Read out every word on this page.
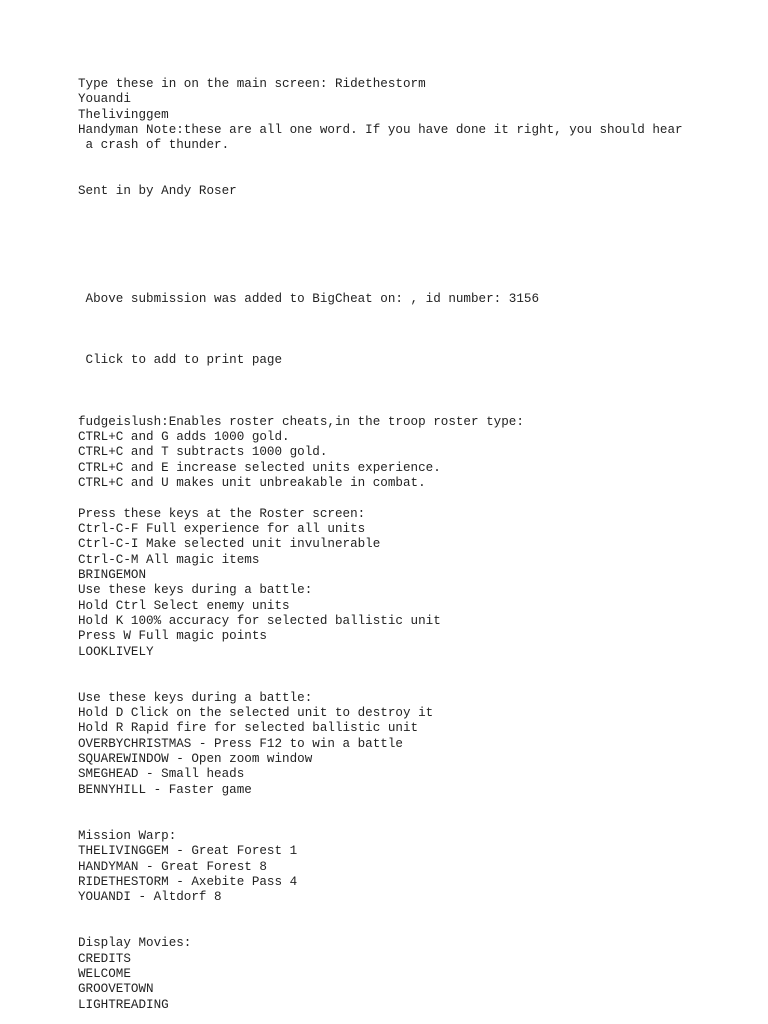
Type these in on the main screen: Ridethestorm
Youandi
Thelivinggem
Handyman Note:these are all one word. If you have done it right, you should hear
a crash of thunder.
Sent in by Andy Roser
Above submission was added to BigCheat on: , id number: 3156
Click to add to print page
fudgeislush:Enables roster cheats,in the troop roster type:
CTRL+C and G adds 1000 gold.
CTRL+C and T subtracts 1000 gold.
CTRL+C and E increase selected units experience.
CTRL+C and U makes unit unbreakable in combat.
Press these keys at the Roster screen:
Ctrl-C-F Full experience for all units
Ctrl-C-I Make selected unit invulnerable
Ctrl-C-M All magic items
BRINGEMON
Use these keys during a battle:
Hold Ctrl Select enemy units
Hold K 100% accuracy for selected ballistic unit
Press W Full magic points
LOOKLIVELY
Use these keys during a battle:
Hold D Click on the selected unit to destroy it
Hold R Rapid fire for selected ballistic unit
OVERBYCHRISTMAS - Press F12 to win a battle
SQUAREWINDOW - Open zoom window
SMEGHEAD - Small heads
BENNYHILL - Faster game
Mission Warp:
THELIVINGGEM - Great Forest 1
HANDYMAN - Great Forest 8
RIDETHESTORM - Axebite Pass 4
YOUANDI - Altdorf 8
Display Movies:
CREDITS
WELCOME
GROOVETOWN
LIGHTREADING
